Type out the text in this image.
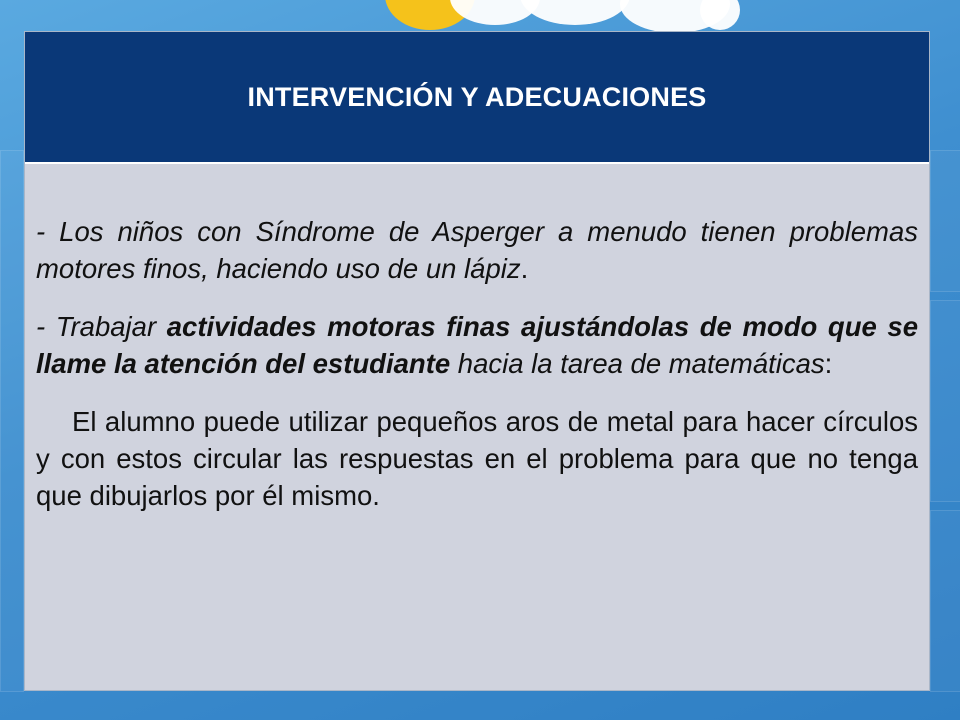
INTERVENCIÓN Y ADECUACIONES

- Los niños con Síndrome de Asperger a menudo tienen problemas motores finos, haciendo uso de un lápiz.

- Trabajar actividades motoras finas ajustándolas de modo que se llame la atención del estudiante hacia la tarea de matemáticas:

El alumno puede utilizar pequeños aros de metal para hacer círculos y con estos circular las respuestas en el problema para que no tenga que dibujarlos por él mismo.
